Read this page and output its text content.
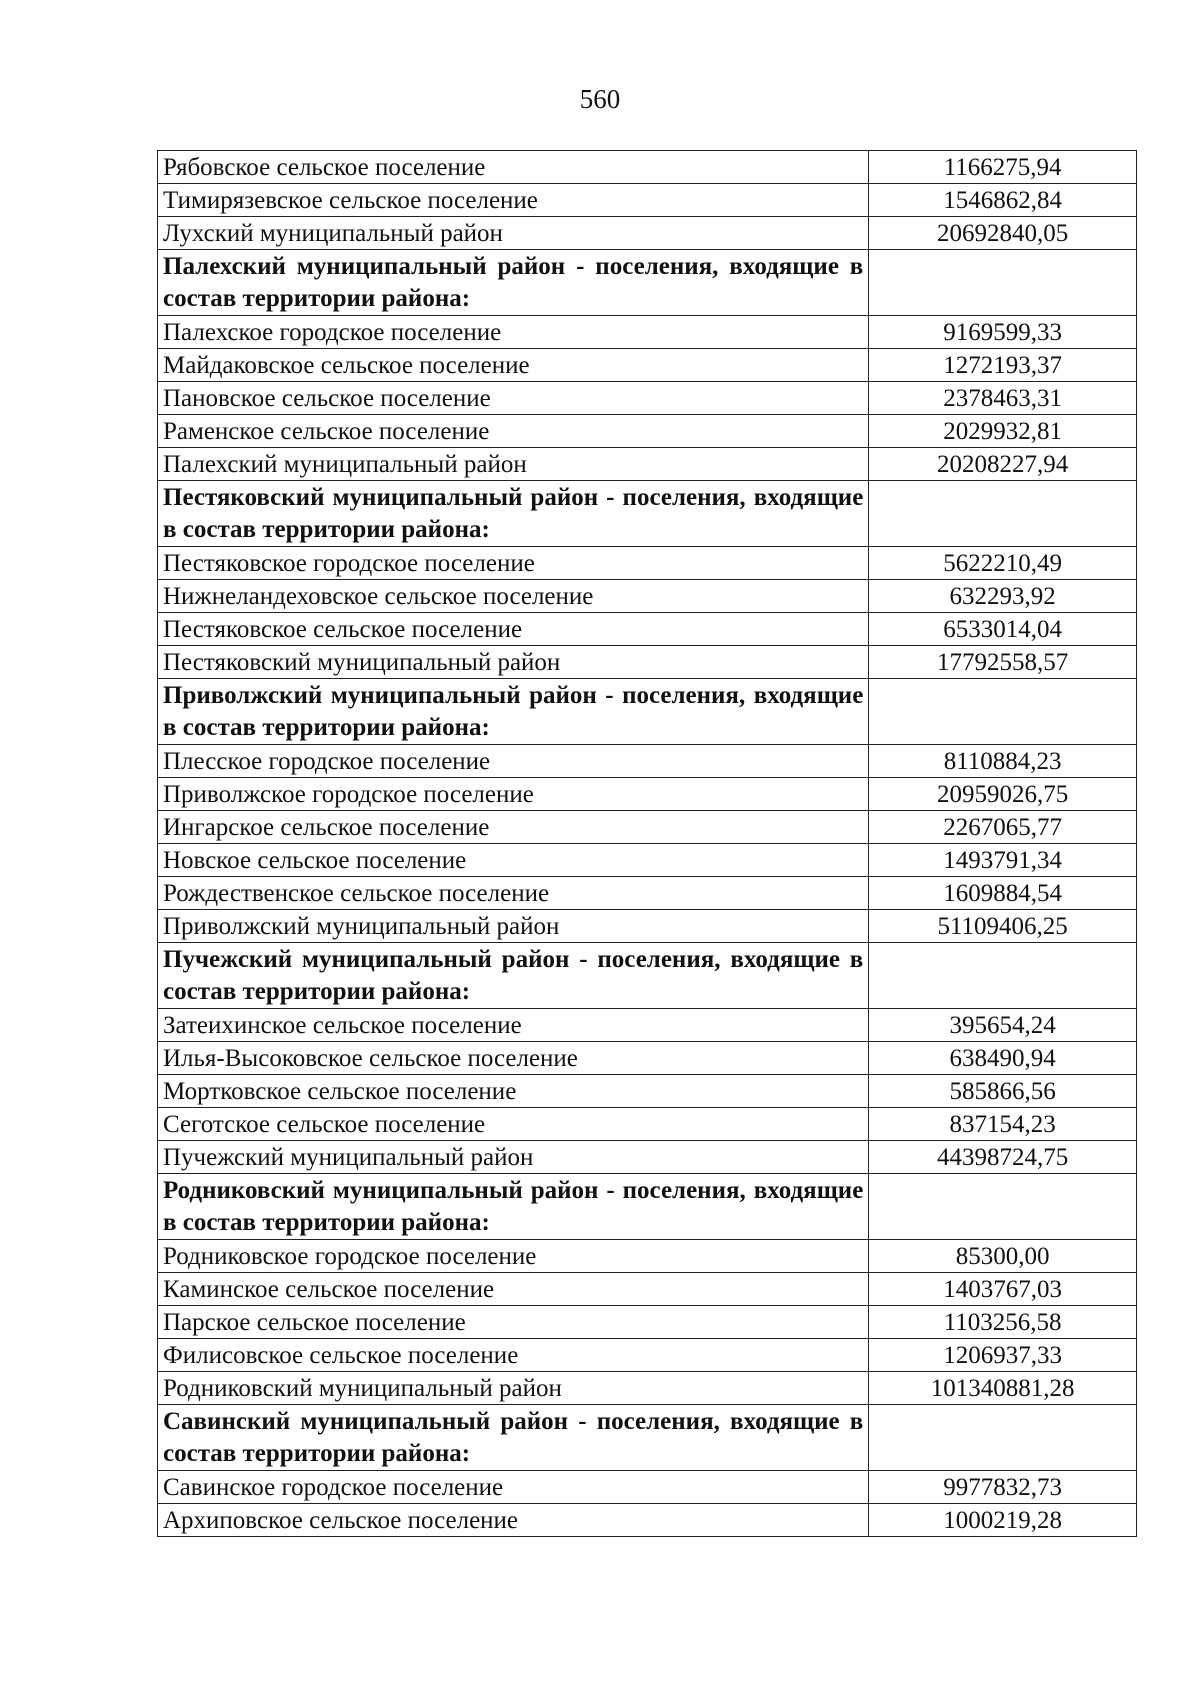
560
Рябовское сельское поселение	1166275,94
Тимирязевское сельское поселение	1546862,84
Лухский муниципальный район	20692840,05
Палехский муниципальный район - поселения, входящие в состав территории района:	
Палехское городское поселение	9169599,33
Майдаковское сельское поселение	1272193,37
Пановское сельское поселение	2378463,31
Раменское сельское поселение	2029932,81
Палехский муниципальный район	20208227,94
Пестяковский муниципальный район - поселения, входящие в состав территории района:	
Пестяковское городское поселение	5622210,49
Нижнеландеховское сельское поселение	632293,92
Пестяковское сельское поселение	6533014,04
Пестяковский муниципальный район	17792558,57
Приволжский муниципальный район - поселения, входящие в состав территории района:	
Плесское городское поселение	8110884,23
Приволжское городское поселение	20959026,75
Ингарское сельское поселение	2267065,77
Новское сельское поселение	1493791,34
Рождественское сельское поселение	1609884,54
Приволжский муниципальный район	51109406,25
Пучежский муниципальный район - поселения, входящие в состав территории района:	
Затеихинское сельское поселение	395654,24
Илья-Высоковское сельское поселение	638490,94
Мортковское сельское поселение	585866,56
Сеготское сельское поселение	837154,23
Пучежский муниципальный район	44398724,75
Родниковский муниципальный район - поселения, входящие в состав территории района:	
Родниковское городское поселение	85300,00
Каминское сельское поселение	1403767,03
Парское сельское поселение	1103256,58
Филисовское сельское поселение	1206937,33
Родниковский муниципальный район	101340881,28
Савинский муниципальный район - поселения, входящие в состав территории района:	
Савинское городское поселение	9977832,73
Архиповское сельское поселение	1000219,28
